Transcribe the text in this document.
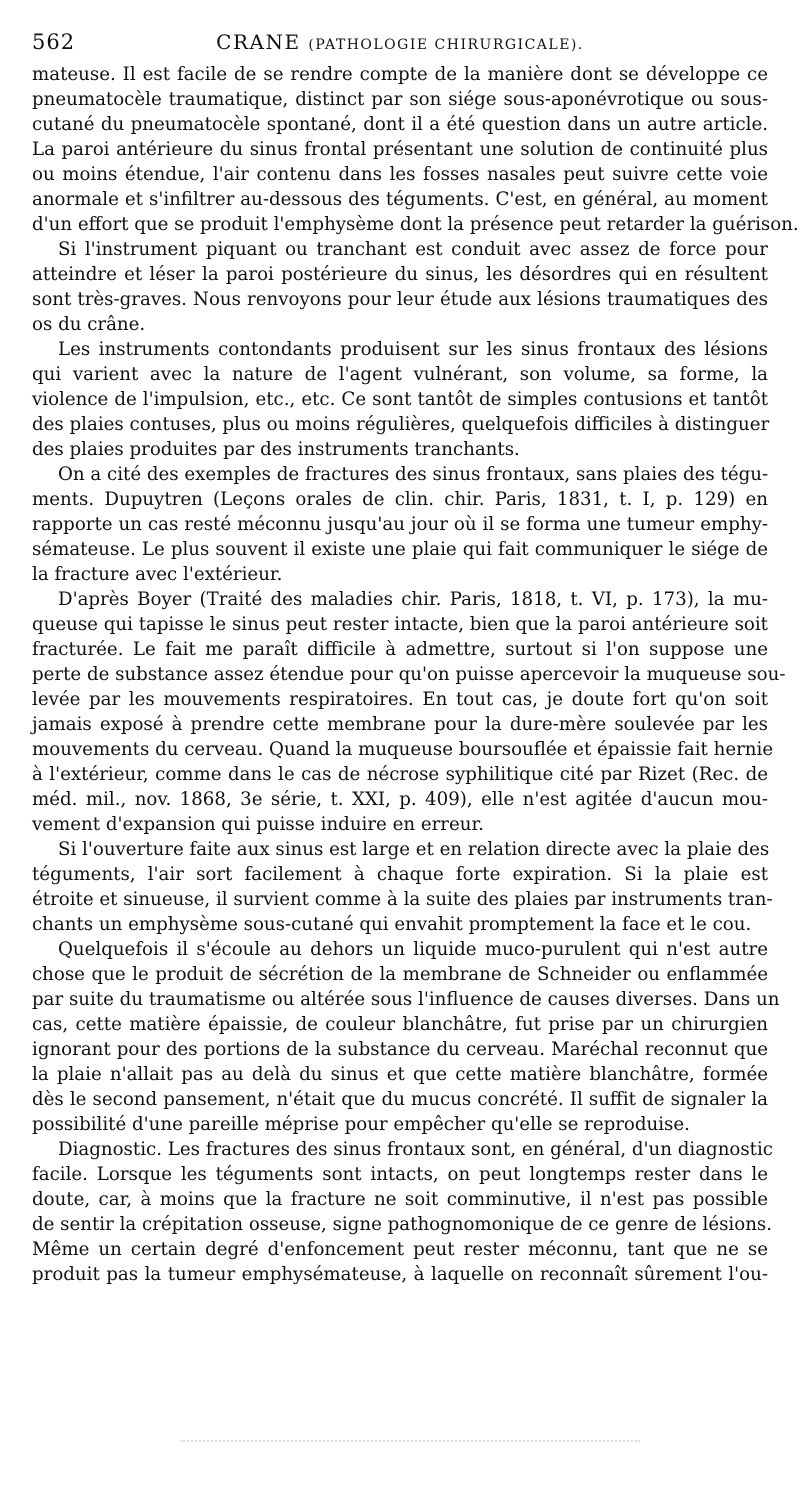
562	CRANE (PATHOLOGIE CHIRURGICALE).
mateuse. Il est facile de se rendre compte de la manière dont se développe ce
pneumatocèle traumatique, distinct par son siége sous-aponévrotique ou sous-
cutané du pneumatocèle spontané, dont il a été question dans un autre article.
La paroi antérieure du sinus frontal présentant une solution de continuité plus
ou moins étendue, l'air contenu dans les fosses nasales peut suivre cette voie
anormale et s'infiltrer au-dessous des téguments. C'est, en général, au moment
d'un effort que se produit l'emphysème dont la présence peut retarder la guérison.
Si l'instrument piquant ou tranchant est conduit avec assez de force pour
atteindre et léser la paroi postérieure du sinus, les désordres qui en résultent
sont très-graves. Nous renvoyons pour leur étude aux lésions traumatiques des
os du crâne.
Les instruments contondants produisent sur les sinus frontaux des lésions
qui varient avec la nature de l'agent vulnérant, son volume, sa forme, la
violence de l'impulsion, etc., etc. Ce sont tantôt de simples contusions et tantôt
des plaies contuses, plus ou moins régulières, quelquefois difficiles à distinguer
des plaies produites par des instruments tranchants.
On a cité des exemples de fractures des sinus frontaux, sans plaies des tégu-
ments. Dupuytren (Leçons orales de clin. chir. Paris, 1831, t. I, p. 129) en
rapporte un cas resté méconnu jusqu'au jour où il se forma une tumeur emphy-
sémateuse. Le plus souvent il existe une plaie qui fait communiquer le siége de
la fracture avec l'extérieur.
D'après Boyer (Traité des maladies chir. Paris, 1818, t. VI, p. 173), la mu-
queuse qui tapisse le sinus peut rester intacte, bien que la paroi antérieure soit
fracturée. Le fait me paraît difficile à admettre, surtout si l'on suppose une
perte de substance assez étendue pour qu'on puisse apercevoir la muqueuse sou-
levée par les mouvements respiratoires. En tout cas, je doute fort qu'on soit
jamais exposé à prendre cette membrane pour la dure-mère soulevée par les
mouvements du cerveau. Quand la muqueuse boursouflée et épaissie fait hernie
à l'extérieur, comme dans le cas de nécrose syphilitique cité par Rizet (Rec. de
méd. mil., nov. 1868, 3e série, t. XXI, p. 409), elle n'est agitée d'aucun mou-
vement d'expansion qui puisse induire en erreur.
Si l'ouverture faite aux sinus est large et en relation directe avec la plaie des
téguments, l'air sort facilement à chaque forte expiration. Si la plaie est
étroite et sinueuse, il survient comme à la suite des plaies par instruments tran-
chants un emphysème sous-cutané qui envahit promptement la face et le cou.
Quelquefois il s'écoule au dehors un liquide muco-purulent qui n'est autre
chose que le produit de sécrétion de la membrane de Schneider ou enflammée
par suite du traumatisme ou altérée sous l'influence de causes diverses. Dans un
cas, cette matière épaissie, de couleur blanchâtre, fut prise par un chirurgien
ignorant pour des portions de la substance du cerveau. Maréchal reconnut que
la plaie n'allait pas au delà du sinus et que cette matière blanchâtre, formée
dès le second pansement, n'était que du mucus concrété. Il suffit de signaler la
possibilité d'une pareille méprise pour empêcher qu'elle se reproduise.
Diagnostic. Les fractures des sinus frontaux sont, en général, d'un diagnostic
facile. Lorsque les téguments sont intacts, on peut longtemps rester dans le
doute, car, à moins que la fracture ne soit comminutive, il n'est pas possible
de sentir la crépitation osseuse, signe pathognomonique de ce genre de lésions.
Même un certain degré d'enfoncement peut rester méconnu, tant que ne se
produit pas la tumeur emphysémateuse, à laquelle on reconnaît sûrement l'ou-
